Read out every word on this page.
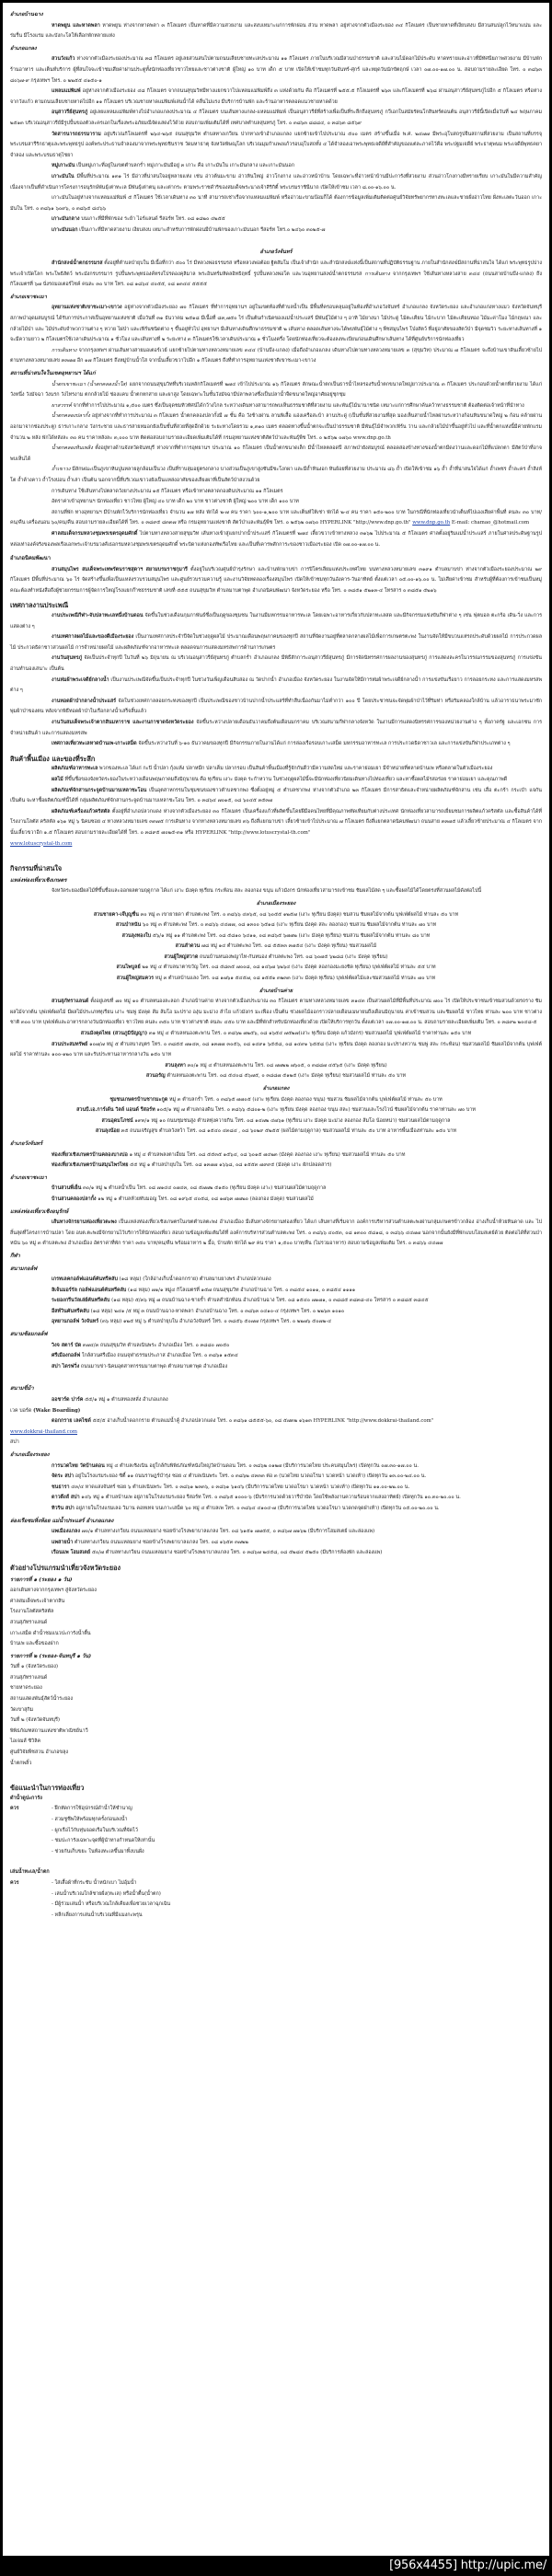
อำเภอบ้านฉาง

หาดพยูน และหาดพลา หาดพยูน ห่างจากหาดพลา ๓ กิโลเมตร เป็นหาดที่มีความสวยงาม และสงบเหมาะแก่การพักผ่อน ส่วน หาดพลา อยู่ห่างจากตัวเมืองระยอง ๓๔ กิโลเมตร เป็นชายหาดที่เงียบสงบ มีสวนสนปลูกไว้หนาแน่น และร่มรื่น มีโรงแรม และบังกะโลให้เลือกพักหลายแห่ง

อำเภอแกลง

สวนวังแก้ว ห่างจากตัวเมืองระยองประมาณ ๓๘ กิโลเมตร อยู่เลยสวนสนไปตามถนนเลียบชายทะเลประมาณ ๑๑ กิโลเมตร ภายในบริเวณมีสวนป่าธรรมชาติ และสวนไม้ดอกไม้ประดับ หาดทรายและอ่าวที่มีทัศนียภาพสวยงาม มีบ้านพัก ร้านอาหาร และเต็นท์บริการ ผู้ที่สนใจจะเข้าชมเสียค่าผ่านประตูทั้งนักท่องเที่ยวชาวไทยและชาวต่างชาติ ผู้ใหญ่ ๑๐ บาท เด็ก ๕ บาท เปิดให้เข้าชมทุกวันจันทร์-ศุกร์ และหยุดวันนักขัตฤกษ์ เวลา ๐๗.๐๐-๑๗.๐๐ น. สอบถามรายละเอียด โทร. ๐ ๓๘๖๓ ๘๐๖๗-๙ กรุงเทพฯ โทร. ๐ ๒๒๕๕ ๔๑๕๐-๑

แหลมแม่พิมพ์ อยู่ห่างจากตัวเมืองระยอง ๔๘ กิโลเมตร จากถนนสุขุมวิทมีทางแยกขวาไปแหลมแม่พิมพ์ถึง ๓ แห่งด้วยกัน คือ กิโลเมตรที่ ๒๕๕.๕ กิโลเมตรที่ ๒๖๓ และกิโลเมตรที่ ๒๖๘ ผ่านอนุสาวรีย์สุนทรภู่ไปอีก ๕ กิโลเมตร หรือห่างจากวังแก้ว ตามถนนเลียบชายหาดไปอีก ๑๑ กิโลเมตร บริเวณชายหาดแม่พิมพ์เล่นน้ำได้ คลื่นไม่แรง มีบริการบ้านพัก และร้านอาหารตลอดแนวชายหาดด้วย

อนุสาวรีย์สุนทรภู่ อยู่เลยแหลมแม่พิมพ์ทางไปอำเภอแกลงประมาณ ๔ กิโลเมตร บนเส้นทางแกลง-แหลมแม่พิมพ์ เป็นอนุสาวรีย์ที่สร้างเพื่อเป็นที่ระลึกถึงสุนทรภู่ กวีเอกในสมัยรัตนโกสินทร์ตอนต้น อนุสาวรีย์นี้เปิดเมื่อวันที่ ๒๔ พฤษภาคม ๒๕๑๓ บริเวณอนุสาวรีย์มีรูปปั้นของตัวละครเอกในเรื่องพระอภัยมณีจัดแสดงไว้ด้วย สอบถามเพิ่มเติมได้ที่ เทศบาลตำบลสุนทรภู่ โทร. ๐ ๓๘๖๓ ๘๘๘๔, ๐ ๓๘๖๓ ๘๕๖๙

วัดสารนารถธรรมาราม อยู่บริเวณกิโลเมตรที่ ๒๖๔-๒๖๕ ถนนสุขุมวิท ตำบลทางเกวียน ปากทางเข้าอำเภอแกลง แยกซ้ายเข้าไปประมาณ ๕๐๐ เมตร สร้างขึ้นเมื่อ พ.ศ. ๒๔๗๗ มีพระอุโบสถรูปจีนสถานที่สวยงาม เป็นสถานที่บรรจุพระบรมสารีริกธาตุและพระพุทธรูป องค์พระประธานจำลองมาจากพระพุทธชินราช วัดมหาธาตุ จังหวัดพิษณุโลก บริเวณมุมกำแพงแก้วรอบอุโบสถทั้ง ๔ ได้จำลองเอาพระพุทธเจดีย์ที่สำคัญของแต่ละภาคไว้คือ พระปฐมเจดีย์ พระธาตุพนม พระเจดีย์พุทธคยาจำลอง และพระบรมธาตุไชยา

หมู่เกาะมัน เป็นหมู่เกาะที่อยู่ในเขตตำบลกร่ำ หมู่เกาะมันมีอยู่ ๓ เกาะ คือ เกาะมันใน เกาะมันกลาง และเกาะมันนอก

เกาะมันใน มีพื้นที่ประมาณ ๑๓๑ ไร่ มีอ่าวที่น่าสนใจอยู่หลายแห่ง เช่น อ่าวต้นมะขาม อ่าวหินใหญ่ อ่าวโกงกาง และอ่าวหน้าบ้าน โดยเฉพาะที่อ่าวหน้าบ้านมีปะการังที่สวยงาม ส่วนอ่าวโกงกางมีทรายเรียบ เกาะมันในมีความสำคัญเนื่องจากเป็นที่ดำเนินการโครงการอนุรักษ์พันธุ์เต่าทะเล มีพันธุ์เต่าตนุ และเต่ากระ ตามพระราชดำริของสมเด็จพระนางเจ้าสิริกิติ์ พระบรมราชินีนาถ เปิดให้เข้าชม เวลา ๘.๐๐-๑๖.๐๐ น.

เกาะมันในอยู่ห่างจากแหลมแม่พิมพ์ ๕ กิโลเมตร ใช้เวลาเดินทาง ๓๐ นาที สามารถเช่าเรือจากแหลมแม่พิมพ์ หรืออ่าวมะขามป้อมก็ได้ ต้องการข้อมูลเพิ่มเติมติดต่อศูนย์วิจัยทรัพยากรทางทะเลและชายฝั่งอ่าวไทย ฝั่งทะเลตะวันออก เกาะมันใน โทร. ๐ ๓๘๖๑ ๖๐๙๖, ๐ ๓๘๖๕ ๘๔๖๖

เกาะมันกลาง บนเกาะที่มีที่พักของ ระย้า ไอร์แลนด์ รีสอร์ท โทร. ๐๘ ๑๘๒๐ ๔๒๕๕

เกาะมันนอก เป็นเกาะที่มีหาดสวยงาม เงียบสงบ เหมาะสำหรับการพักผ่อนมีบ้านพักของเกาะมันนอก รีสอร์ท โทร.๐ ๒๔๖๐ ๓๐๒๕-๗

อำเภอวังจันทร์

สำนักสงฆ์น้ำตกธรรมรส ตั้งอยู่ที่ตำบลป่ายุบใน มีเนื้อที่กว่า ๕๐๐ ไร่ มีหลวงพ่อธรรมรส หรือหลวงพ่อต้อย ฐิตสัมโม เป็นเจ้าสำนัก และสำนักสงฆ์แห่งนี้เป็นสถานที่ปฏิบัติธรรมฐาน ภายในสำนักสงฆ์มีสถานที่น่าสนใจ ได้แก่ พระพุทธรูปปางพระเจ้าเปิดโลก พระโพธิสัตว์ พระมังกรบรรมาร รูปปั้นพระพุทธองค์ทรงโปรดองคุลิมาล พระอินทร์มหิดลอิทธิฤทธิ์ รูปปั้นหลวงพ่อโต และวนอุทยานสงฆ์น้ำตกธรรมรส การเดินทาง จากกรุงเทพฯ ใช้เส้นทางหลวงสาย ๓๔๔ (ถนนสายบ้านบึง-แกลง) ถึงกิโลเมตรที่ ๖๗ นั่งรถมอเตอร์ไซค์ คนละ ๓๐ บาท โทร. ๐๘ ๑๘๖๔ ๔๐๕๕, ๐๘ ๑๓๔๔ ๕๕๕๕

อำเภอเขาชะเมา

อุทยานแห่งชาติเขาชะเมา-เขาวง อยู่ห่างจากตัวเมืองระยอง ๗๐ กิโลเมตร ที่ทำการอุทยานฯ อยู่ในเขตท้องที่ตำบลน้ำเป็น มีพื้นที่ครอบคลุมอยู่ในท้องที่อำเภอวังจันทร์ อำเภอแกลง จังหวัดระยอง และอำเภอแก่งหางแมว จังหวัดจันทบุรี สภาพป่าอุดมสมบูรณ์ ได้รับการประกาศเป็นอุทยานแห่งชาติ เมื่อวันที่ ๓๑ ธันวาคม ๒๕๑๘ มีเนื้อที่ ๘๓,๗๕๐ ไร่ เป็นต้นกำเนิดของแม่น้ำประแสร์ มีพันธุ์ไม้ต่าง ๆ อาทิ ไม้ยางนา ไม้ประดู่ ไม้ตะเคียน ไม้กะบาก ไม้ตะเคียนทอง ไม้มะค่าโมง ไม้กฤษณา และกล้วยไม้ป่า และ ไม้ประดับจำพวกว่านต่าง ๆ หวาย ไผ่ป่า และเฟิร์นชนิดต่าง ๆ ขึ้นอยู่ทั่วไป อุทยานฯ มีเส้นทางเดินศึกษาธรรมชาติ ๒ เส้นทาง ตลอดเส้นทางจะได้พบพันธุ์ไม้ต่าง ๆ พืชสมุนไพร โป่งสัตว์ ที่อยู่อาศัยของสัตว์ป่า มีจุดชมวิว ระยะทางเส้นทางที่ ๑ จะมีความยาว ๒ กิโลเมตรใช้เวลาเดินประมาณ ๑ ชั่วโมง และเส้นทางที่ ๒ ระยะทาง ๓ กิโลเมตรใช้เวลาเดินประมาณ ๑ ชั่วโมงครึ่ง โดยนักท่องเที่ยวจะต้องลงทะเบียนก่อนเดินศึกษาเส้นทาง ได้ที่ศูนย์บริการนักท่องเที่ยว

การเดินทาง จากกรุงเทพฯ ผ่านเส้นทางสายมอเตอร์เวย์ แยกซ้ายไปตามทางหลวงหมายเลข ๓๔๔ (บ้านบึง-แกลง) เมื่อถึงอำเภอแกลง เดินทางไปตามทางหลวงหมายเลข ๓ (สุขุมวิท) ประมาณ ๗ กิโลเมตร จะถึงบ้านเขาดินเลี้ยวซ้ายไปตามทางหลวงหมายเลข ๓๓๗๗ อีก ๑๗ กิโลเมตร ถึงหมู่บ้านน้ำใส จากนั้นเลี้ยวขวาไปอีก ๑ กิโลเมตร ถึงที่ทำการอุทยานแห่งชาติเขาชะเมา-เขาวง

สถานที่น่าสนใจในเขตอุทยานฯ ได้แก่

น้ำตกเขาชะเมา (น้ำตกคลองน้ำใส) แยกจากถนนสุขุมวิทที่บริเวณหลักกิโลเมตรที่ ๒๗๔ เข้าไปประมาณ ๑๖ กิโลเมตร ลักษณะน้ำตกเป็นธารน้ำไหลรองรับน้ำตกขนาดใหญ่ยาวประมาณ ๓ กิโลเมตร ประกอบด้วยน้ำตกที่สวยงาม ได้แก่ วังหนึ่ง วังมัจฉา วังนรก วังไทรงาม ตกกล้วยไม้ ช่องแคบ น้ำตกหกสาย และผาสูง โดยเฉพาะในชั้นวังมัจฉามีปลาพลวงซึ่งเป็นปลาน้ำจืดขนาดใหญ่อาศัยอยู่ชุกชุม

ผาสวรรค์ จากที่ทำการไปประมาณ ๑,๕๐๐ เมตร ซึ่งเป็นจุดชมทิวทัศน์ได้กว้างไกล ระหว่างเดินทางสามารถพบเห็นธรรมชาติที่สวยงาม และพันธุ์ไม้นานาชนิด เหมาะแก่การศึกษาค้นคว้าทางธรรมชาติ ต้องติดต่อเจ้าหน้าที่นำทาง

น้ำตกคลองปลากั้ง อยู่ห่างจากที่ทำการประมาณ ๓ กิโลเมตร น้ำตกคลองปลากั้งมี ๗ ชั้น คือ วังช้างผ่าน ลานพิเสื้อ แอ่งเครือสะบ้า ลานประดู่ (เป็นชั้นที่สวยงามที่สุด มองเห็นสายน้ำไหลผ่านระหว่างก้อนหินขนาดใหญ่ ๒ ก้อน คล้ายผ่านออกมาจากช่องประตู) ธารเกาะกลาง วังกระชาย และธารสายหมอกยังเป็นชั้นที่สวยที่สุดอีกด้วย ระยะทางโดยรวม ๑,๓๑๐ เมตร ตลอดทางขึ้นน้ำตกจะเป็นป่าธรรมชาติ มีพันธุ์ไม้จำพวกเฟิร์น ว่าน และกล้วยไม้ป่าขึ้นอยู่ทั่วไป และที่น้ำตกแห่งนี้มีค่ายพักแรม จำนวน ๒ หลัง พักได้หลังละ ๓๐ คน ราคาหลังละ ๓,๐๐๐ บาท ติดต่อสอบถามรายละเอียดเพิ่มเติมได้ที่ กรมอุทยานแห่งชาติสัตว์ป่าและพันธุ์พืช โทร. ๐ ๒๕๖๒ ๐๗๖๐ www.dnp.go.th

น้ำตกคลองหินเพลิง ตั้งอยู่ทางด้านจังหวัดจันทบุรี ห่างจากที่ทำการอุทยานฯ ประมาณ ๑๐ กิโลเมตร เป็นน้ำตกขนาดเล็ก มีน้ำไหลตลอดปี สภาพป่ายังสมบูรณ์ ตลอดสองข้างทางของน้ำตกมีดงว่านและดอกไม้ที่แปลกตา มีสัตว์ป่าที่อาจพบเห็นได้

ถ้ำเขาวง มีลักษณะเป็นภูเขาหินปูนหลายลูกล้อมเป็นวง เป็นที่ราบลุ่มอยู่ตรงกลาง บางส่วนเป็นภูเขาสูงชันมีชะโงกผา และมีถ้ำหินงอก หินย้อยที่สวยงาม ประมาณ ๘๖ ถ้ำ เปิดให้เข้าชม ๑๖ ถ้ำ ถ้ำที่น่าสนใจได้แก่ ถ้ำเพชร ถ้ำละคร ถ้ำสิงห์โต ถ้ำค้างคาว ถ้ำโรงบ่อน ถ้ำเล่า เป็นต้น นอกจากนี้ที่บริเวณเขาวงยังเป็นแหล่งอาศัยของเลียงผาที่เป็นสัตว์ป่าสงวนด้วย

การเดินทาง ใช้เส้นทางไปตลาดวังยางประมาณ ๑๕ กิโลเมตร หรือเข้าทางตลาดกองดินประมาณ ๑๑ กิโลเมตร

อัตราค่าเข้าอุทยานฯ นักท่องเที่ยว ชาวไทย ผู้ใหญ่ ๔๐ บาท เด็ก ๒๐ บาท ชาวต่างชาติ ผู้ใหญ่ ๒๐๐ บาท เด็ก ๑๐๐ บาท

สถานที่พัก ทางอุทยานฯ มีบ้านพักไว้บริการนักท่องเที่ยว จำนวน ๑๗ หลัง พักได้ ๒-๗ คน ราคา ๖๐๐-๑,๒๐๐ บาท และเต็นท์ให้เช่า พักได้ ๒-๔ คน ราคา ๑๕๐-๒๐๐ บาท ในกรณีที่นักท่องเที่ยวนำเต็นท์ไปเองเสียค่าพื้นที่ คนละ ๓๐ บาท/คน/คืน เครื่องนอน ๖๐/คน/คืน สอบถามรายละเอียดได้ที่ โทร. ๐ ๓๘๙๕ ๘๓๓๗ หรือ กรมอุทยานแห่งชาติ สัตว์ป่าและพันธุ์พืช โทร. ๐ ๒๕๖๒ ๐๗๖๐ HYPERLINK "http://www.dnp.go.th" www.dnp.go.th E-mail: chamao_@hotmail.com

ศาลสมเด็จกรมหลวงชุมพรเขตรอุดมศักดิ์ ไปตามทางหลวงสายสุขุมวิท เส้นทางเข้าสู่แยกปากน้ำประแสร์ กิโลเมตรที่ ๒๗๔ เลี้ยวขวาเข้าทางหลวง ๓๑๖๒ ไปประมาณ ๕ กิโลเมตร ศาลตั้งอยู่ริมแม่น้ำประแสร์ ภายในศาลประดิษฐานรูปหล่อเท่าองค์จริงของพลเรือเอกพระเจ้าบรมวงศ์เธอกรมหลวงชุมพรเขตรอุดมศักดิ์ พระบิดาแห่งกองทัพเรือไทย และเป็นที่เคารพสักการะของชาวเมืองระยอง เปิด ๐๗.๐๐-๑๗.๐๐ น.

อำเภอนิคมพัฒนา

สวนสมุนไพร สมเด็จพระเทพรัตนราชสุดาฯ สยามบรมราชกุมารี ตั้งอยู่ในบริเวณศูนย์บำรุงรักษา และบ้านพักมาบข่า การปิโตรเลียมแห่งประเทศไทย บนทางหลวงหมายเลข ๓๑๙๑ ตำบลมาบข่า ห่างจากตัวเมืองระยองประมาณ ๒๙ กิโลเมตร มีพื้นที่ประมาณ ๖๐ ไร่ จัดสร้างขึ้นเพื่อเป็นแหล่งรวบรวมสมุนไพร และศูนย์รวบรวมความรู้ และงานวิจัยทดลองเรื่องสมุนไพร เปิดให้เข้าชมทุกวันอังคาร-วันอาทิตย์ ตั้งแต่เวลา ๐๕.๐๐-๑๖.๐๐ น. ไม่เสียค่าเข้าชม สำหรับผู้ที่ต้องการเข้าชมเป็นหมู่คณะต้องทำหนังสือถึงผู้ช่วยกรรมการผู้จัดการใหญ่โรงแยกก๊าซธรรมชาติ เลขที่ ๕๕๕ ถนนสุขุมวิท ตำบลมาบตาพุด อำเภอนิคมพัฒนา จังหวัดระยอง หรือ โทร. ๐ ๓๘๕๑ ๕๒๑๓-๔ โทรสาร ๐ ๓๘๕๑ ๕๒๑๖

เทศกาลงานประเพณี

งานประเพณีกีฬา-จับปลาทะเลหนึ่งบ้านดอน จัดขึ้นในช่วงเดือนกุมภาพันธ์ซึ่งเป็นฤดูของชุมชน ในงานมีมหกรรมอาหารทะเล โดยเฉพาะอาหารเกี่ยวกับปลาทะเลสด และมีกิจกรรมแข่งขันกีฬาต่าง ๆ เช่น ฟุตบอล ตะกร้อ เดิน-วิ่ง และการแสดงต่าง ๆ

งานเทศกาลผลไม้และของดีเมืองระยอง เป็นงานเทศกาลประจำปีจัดในช่วงฤดูผลไม้ ประมาณเดือนพฤษภาคมของทุกปี สถานที่จัดงานอยู่ที่ตลาดกลางผลไม้เพื่อการเกษตรตะพง ในงานจัดให้มีขบวนแห่รถประดับด้วยผลไม้ การประกวดผลไม้ ประกวดธิดาชาวสวนผลไม้ การจำหน่ายผลไม้ และผลิตภัณฑ์จากอาหารทะเล ตลอดจนการแสดงมหรสพการด้านการเกษตร

งานวันสุนทรภู่ จัดเป็นประจำทุกปี ในวันที่ ๒๖ มิถุนายน ณ บริเวณอนุสาวรีย์สุนทรภู่ ตำบลกร่ำ อำเภอแกลง มีพิธีสักการะอนุสาวรีย์สุนทรภู่ มีการจัดนิทรรศการผลงานของสุนทรภู่ การแสดงละครในวรรณกรรมของสุนทรภู่ การแข่งขันอ่านทำนองเสนาะ เป็นต้น

งานห่มผ้าพระเจดีย์กลางน้ำ เป็นงานประเพณีจัดขึ้นเป็นประจำทุกปี ในช่วงวันเพ็ญเดือนสิบสอง ณ วัดปากน้ำ อำเภอเมือง จังหวัดระยอง ในงานจัดให้มีการห่มผ้าพระเจดีย์กลางน้ำ การแข่งขันเรือยาว การลอยกระทง และการแสดงมหรสพต่าง ๆ

งานทอดผ้าป่ากลางน้ำประแสร์ จัดในช่วงเทศกาลลอยกระทงของทุกปี เป็นประเพณีของชาวบ้านปากน้ำประแสร์ที่ทำสืบเนื่องกันมาไม่ต่ำกว่า ๑๐๐ ปี โดยประชาชนจะจัดพุ่มผ้าป่าไว้ที่ริมท่า หรือริมคลองใกล้บ้าน แล้วอาราธนาพระมาชักพุ่มผ้าป่าของตน หลังจากพิธีทอดผ้าป่าในเรือกลางน้ำเสร็จสิ้นแล้ว

งานวันสมเด็จพระเจ้าตากสินมหาราช และงานกาชาดจังหวัดระยอง จัดขึ้นระหว่างปลายเดือนธันวาคมถึงต้นเดือนมกราคม บริเวณสนามกีฬากลางจังหวัด ในงานมีการแสดงนิทรรศการของหน่วยงานต่าง ๆ ทั้งภาครัฐ และเอกชน การจำหน่ายสินค้า และการแสดงมหรสพ

เทศกาลเที่ยวทะเลหาดบ้านเพ-เกาะเสม็ด จัดขึ้นระหว่างวันที่ ๖-๑๐ ธันวาคมของทุกปี มีกิจกรรมภายในงานได้แก่ การล่องเรือรอบเกาะเสม็ด มหกรรมอาหารทะเล การประกวดธิดาชาวเล และการแข่งขันกีฬาประเภทต่าง ๆ

สินค้าพื้นเมือง และของที่ระลึก

ผลิตภัณฑ์อาหารทะเล พวกของทะเล ได้แก่ กะปิ น้ำปลา กุ้งแห้ง ปลาหมึก ปลาเค็ม ปลากรอบ เป็นสินค้าพื้นเมืองที่รู้จักกันดีว่ามีความสดใหม่ และราคาย่อมเยา มีจำหน่ายที่ตลาดบ้านเพ หรือตลาดในตัวเมืองระยอง

ผลไม้ ที่ขึ้นชื่อของจังหวัดระยองในระหว่างเดือนพฤษภาคมถึงมิถุนายน คือ ทุเรียน เงาะ มังคุด ระกำหวาน ในช่วงฤดูผลไม้นี้จะมีนักท่องเที่ยวนิยมเดินทางไปท่องเที่ยว และหาซื้อผลไม้รสอร่อย ราคาย่อมเยา และคุณภาพดี

ผลิตภัณฑ์จักสานกระจูดบ้านมาบเหลาชะโอน เป็นอุตสาหกรรมในชุมชนของชาวตำบลชากพง ซึ่งตั้งอยู่หมู่ ๕ ตำบลชากพง ห่างจากตัวอำเภอ ๒๓ กิโลเมตร มีการสาธิตและจำหน่ายผลิตภัณฑ์จักสาน เช่น เสื่อ ตะกร้า กระเป๋า แจกัน เป็นต้น จะหาซื้อผลิตภัณฑ์นี้ได้ที่ กลุ่มผลิตภัณฑ์จักสานกระจูดบ้านมาบเหลาชะโอน โทร. ๐ ๓๘๖๔ ๗๐๑๕, ๐๘ ๖๐๔๕ ๓๕๓๗

ผลิตภัณฑ์เครื่องแก้วคริสตัล ตั้งอยู่ที่อำเภอปลวกแดง ห่างจากตัวเมืองระยอง ๓๐ กิโลเมตร เป็นเครื่องแก้วที่ผลิตขึ้นโดยฝีมือคนไทยที่มีคุณภาพทัดเทียมกับต่างประเทศ นักท่องเที่ยวสามารถเยี่ยมชมการผลิตแก้วคริสตัล และซื้อสินค้าได้ที่โรงงานโลตัส คริสตัล ๑๖๑ หมู่ ๖ นิคมซอย ๔ ทางหลวงหมายเลข ๓๓๗๕ การเดินทาง จากทางหลวงหมายเลข ๓๖ ถึงสี่แยกมาบข่า เลี้ยวซ้ายเข้าไปประมาณ ๗ กิโลเมตร ถึงสี่แยกตลาดนิคมพัฒนา ถนนสาย ๓๓๗๕ แล้วเลี้ยวซ้ายประมาณ ๔ กิโลเมตร จากนั้นเลี้ยวขวาอีก ๑.๕ กิโลเมตร สอบถามรายละเอียดได้ที่ โทร. ๐ ๓๘๙๕ ๗๐๒๕-๓๑ หรือ HYPERLINK "http://www.lotuscrystal-th.com"

www.lotuscrystal-th.com

กิจกรรมที่น่าสนใจ
แหล่งท่องเที่ยวเชิงเกษตร

จังหวัดระยองมีผลไม้ที่ขึ้นชื่อและออกผลตามฤดูกาล ได้แก่ เงาะ มังคุด ทุเรียน กระท้อน สละ ลองกอง ขนุน แก้วมังกร นักท่องเที่ยวสามารถเข้าชม ชิมผลไม้สด ๆ และซื้อผลไม้ได้โดยตรงที่สวนผลไม้ดังต่อไปนี้

อำเภอเมืองระยอง

สวนชายคา-เจ๊บุญชื่น ๓๐ หมู่ ๓ เขายายดา ตำบลตะพง โทร. ๐ ๓๘๖๖ ๔๓๖๕, ๐๘ ๖๐๕๕ ๑๒๕๗ (เงาะ ทุเรียน มังคุด) ชมสวน ชิมผลไม้จากต้น บุฟเฟ่ต์ผลไม้ ท่านละ ๕๐ บาท

สวนป่าหนัน ๖๐ หมู่ ๓ ตำบลตะพง โทร. ๐ ๓๘๖๖ ๔๔๗๗, ๐๘ ๑๓๐๐ ๖๕๑๘ (เงาะ ทุเรียน มังคุด สละ ลองกอง) ชมสวน ชิมผลไม้จากต้น ท่านละ ๗๐ บาท

สวนลุงทองใบ ๕๖/๑ หมู่ ๑๑ ตำบลตะพง โทร. ๐๘ ๕๘๑๐ ๖๔๑๑, ๐๘ ๓๘๖๕ ๖๗๗๒ (เงาะ มังคุด ทุเรียน) ชมสวน ชิมผลไม้จากต้น ท่านละ ๘๐ บาท

สวนลำดวน ๗๘ หมู่ ๑๔ ตำบลตะพง โทร. ๐๘ ๕๕๓๓ ๓๗๕๔ (เงาะ มังคุด ทุเรียน) ชมสวนผลไม้

สวนผู้ใหญ่สวาด ถนนบ้านหนองพญาไท-กันหนอง ตำบลตะพง โทร. ๐๘ ๖๐๗๕ ๖๒๘๘ (เงาะ มังคุด ทุเรียน)

สวนไพบูลย์ ๒๑ หมู่ ๔ ตำบลนาตาขวัญ โทร. ๐๘ ๕๘๓๕ ๗๐๐๘, ๐๘ ๑๔๖๗ ๖๒๖๔ (เงาะ มังคุด ลองกองมะยงชิด ทุเรียน) บุฟเฟ่ต์ผลไม้ ท่านละ ๕๕ บาท

สวนผู้ใหญ่สมควร หมู่ ๓ ตำบลบ้านแลง โทร. ๐๘ ๑๗๖๑ ๕๔๕๗, ๐๘ ๑๕๕๑ ๓๒๓๓ (เงาะ มังคุด ทุเรียน) บุฟเฟ่ต์ผลไม้และชมสวนผลไม้ ท่านละ ๗๐ บาท

อำเภอบ้านค่าย

สวนสุภัทราแลนด์ ตั้งอยู่เลขที่ ๗๐ หมู่ ๑๐ ตำบลหนองละลอก อำเภอบ้านค่าย ห่างจากตัวเมืองประมาณ ๓๐ กิโลเมตร ตามทางหลวงหมายเลข ๓๑๔๓ เป็นสวนผลไม้ที่มีพื้นที่ประมาณ ๗๐๐ ไร่ เปิดให้ประชาชนเข้าชมสวนด้วยรถราง ชิมผลไม้จากต้น บุฟเฟ่ต์ผลไม้ มีผลไม้ประเภททุเรียน เงาะ ชมพู่ มังคุด ส้ม ส้มโอ มะปราง องุ่น มะม่วง ลำไย แก้วมังกร มะเฟือง เป็นต้น ช่วงผลไม้ออกราวปลายเดือนเมษายนถึงเดือนมิถุนายน ค่าเข้าชมสวน และชิมผลไม้ ชาวไทย ท่านละ ๒๐๐ บาท ชาวต่างชาติ ๓๐๐ บาท บุฟเฟ่ต์และอาหารกลางวันนักท่องเที่ยว ชาวไทย คนละ ๓๕๐ บาท ชาวต่างชาติ คนละ ๔๕๐ บาท และมีที่พักสำหรับนักท่องเที่ยวด้วย เปิดให้บริการทุกวัน ตั้งแต่เวลา ๐๗.๐๐-๑๗.๐๐ น. สอบถามรายละเอียดเพิ่มเติม โทร. ๐ ๓๘๙๒ ๒๐๔๘-๕

สวนมังคุดไทย (สวนภูมิปัญญา) ๓๑ หมู่ ๔ ตำบลหนองตะพาน โทร. ๐ ๓๘๖๒ ๗๒๕๖, ๐๘ ๑๖๕๔ ๗๕๒๗(เงาะ ทุเรียน มังคุด แก้วมังกร) ชมสวนผลไม้ บุฟเฟ่ต์ผลไม้ ราคาท่านละ ๑๕๐ บาท

สวนประสมทรัพย์ ๑๐๗/๗ หมู่ ๕ ตำบลบางบุตร โทร. ๐ ๓๘๕๕ ๗๑๔๓, ๐๘ ๑๓๗๗ ๓๐๕๖, ๐๘ ๑๔๙๑ ๖๕๕๘, ๐๘ ๑๔๙๑ ๖๕๕๘ (เงาะ ทุเรียน มังคุด ลองกอง มะปรางหวาน ชมพู่ สละ กระท้อน) ชมสวนผลไม้ ชิมผลไม้จากต้น บุฟเฟ่ต์ผลไม้ ราคาท่านละ ๑๐๐-๑๒๐ บาท และรับประทานอาหารกลางวัน ๑๕๐ บาท

สวนลุงทา ๓๐/๑ หมู่ ๔ ตำบลหนองตะพาน โทร. ๐๘ ๗๗๒๒ ๗๖๐๕, ๐ ๓๘๘๗ ๔๕๖๕ (เงาะ มังคุด ทุเรียน)

สวนอรัญ ตำบลหนองตะพาน โทร. ๐๘ ๕๔๐๘ ๕๖๗๕, ๐ ๓๘๘๗ ๕๑๒๕ (เงาะ มังคุด ทุเรียน) ชมสวนผลไม้ ท่านละ ๕๐ บาท

อำเภอแกลง

ชุมชนเกษตรบ้านชากมะกูด หมู่ ๓ ตำบลกร่ำ โทร. ๐ ๓๘๖๕ ๗๗๐๕ (เงาะ ทุเรียน มังคุด ลองกอง ขนุน) ชมสวน ชิมผลไม้จากต้น บุฟเฟ่ต์ผลไม้ ท่านละ ๕๐ บาท

สวนบี.เอ.การ์เด้น วิลล์ แอนด์ รีสอร์ท ๑๐๕/๑ หมู่ ๗ ตำบลกองดิน โทร. ๐ ๓๘๖๖ ๕๘๐๑-๒ (เงาะ ทุเรียน มังคุด ลองกอง ขนุน สละ) ชมสวนและโรงไวน์ ชิมผลไม้จากต้น ราคาท่านละ ๗๐ บาท

สวนอุดมโภชน์ ๑๙๓/๑ หมู่ ๑๐ ถนนชุมชนสูง ตำบลทุ่งควายกิน โทร. ๐๘ ๑๔๗๒ ๔๗๖๑ (ทุเรียน เงาะ มังคุด มะม่วง ลองกอง ส้มโอ น้อยหน่า) ชมสวนผลไม้ตามฤดูกาล

สวนลุงน้อย ๓๕ ถนนเจริญสุข ตำบลวังหว้า โทร. ๐๘ ๑๕๔๐ ๔๓๘๔ , ๐๘ ๖๐๒๙ ๕๒๕๕ (ผลไม้ตามฤดูกาล) ชมสวนผลไม้ ท่านละ ๕๐ บาท อาหารพื้นเมืองท่านละ ๑๕๐ บาท

อำเภอวังจันทร์

ท่องเที่ยวเชิงเกษตรบ้านคลองบางบ่อ ๑ หมู่ ๔ ตำบลพลงตาเอี่ยม โทร. ๐๘ ๕๕๓๕ ๑๕๖๔, ๐๘ ๖๐๑๕ ๗๔๒๓ (มังคุด ลองกอง เงาะ ทุเรียน) ชมสวนผลไม้ ท่านละ ๕๐ บาท

ท่องเที่ยวเชิงเกษตรบ้านสมุนไพรไทย ๕๕ หมู่ ๑ ตำบลป่ายุบใน โทร. ๐๘ ๑๓๗๗ ๑๖๖๘, ๐๘ ๑๕๕๓ ๗๙๙๕ (มังคุด เงาะ ผักปลอดสาร)

อำเภอเขาชะเมา

บ้านสวนพี่เย็น ๓๐/๑ หมู่ ๒ ตำบลน้ำเป็น โทร. ๐๘ ๗๑๔๔ ๐๗๔๓, ๐๘ ๕๗๗๒ ๕๑๕๐ (ทุเรียน มังคุด เงาะ) ชมสวนผลไม้ตามฤดูกาล

บ้านสวนคลองปลากั้ง ๑๒ หมู่ ๑ ตำบลห้วยทับมอญ โทร. ๐๘ ๑๙๖๕ ๔๐๕๘, ๐๘ ๑๗๖๓ ๗๗๒๐ (ลองกอง มังคุด) ชมสวนผลไม้

แหล่งท่องเที่ยวเชิงอนุรักษ์

เส้นทางจักรยานท่องเที่ยวตะพง เป็นแหล่งท่องเที่ยวเชิงเกษตรในเขตตำบลตะพง อำเภอเมือง มีเส้นทางจักรยานท่องเที่ยว ได้แก่ เส้นทางที่เริ่มจาก องค์การบริหารส่วนตำบลตะพงผ่านกลุ่มเกษตรข้าวกล้อง อ่างเก็บน้ำห้วยหินดาด และ ไปสิ้นสุดที่โครงการบ้านปลา โดย อบต.ตะพงมีจักรยานไว้บริการให้นักท่องเที่ยว สอบถามข้อมูลเพิ่มเติมได้ที่ องค์การบริหารส่วนตำบลตะพง โทร. ๐ ๓๘๖๖ ๔๐๕๓, ๐๘ ๑๓๐๐ ๕๘๑๘, ๐ ๓๘๖๖ ๔๔๗๗ นอกจากนั้นยังมีที่พักแบบโฮมสเตย์ด้วย ติดต่อได้ที่สวนป่าหนัน ๖๐ หมู่ ๓ ตำบลตะพง อำเภอเมือง อัตราค่าที่พัก ราคา ๓๕๐ บาท/คน/คืน พร้อมอาหาร ๒ มื้อ, บ้านพัก พักได้ ๒๙ คน ราคา ๑,๕๐๐ บาท/คืน (ไม่รวมอาหาร) สอบถามข้อมูลเพิ่มเติม โทร. ๐ ๓๘๖๖ ๔๔๗๗

กีฬา
สนามกอล์ฟ

เกรทเลคกอล์ฟแอนด์คันทรีคลับ (๑๘ หลุม) (ใกล้อ่างเก็บน้ำดอกกราย) ตำบลมาบยางพร อำเภอปลวกแดง

ลิเจ้นมอร์รัล กอล์ฟแอนด์คันทรีคลับ (๑๘ หลุม) ๗๑/๑ หมู่๔ กิโลเมตรที่ ๑๕๗ ถนนสุขุมวิท อำเภอบ้านฉาง โทร. ๐ ๓๘๕๔ ๑๐๑๑, ๐ ๓๘๕๔ ๑๑๑๑

ระยองกรีนวัลเล่ย์คันทรีคลับ (๑๘ หลุม) ๕/๓๖ หมู่ ๗ ถนนบ้านฉาง-ชายร้ำ ตำบลสำนักท้อน อำเภอบ้านฉาง โทร. ๐๘ ๑๕๔๐ ๗๑๗๑, ๐ ๓๘๘๕ ๓๘๓๘-๔๐ โทรสาร ๐ ๓๘๘๕ ๓๘๔๕

อีสท์วินคันทรีคลับ (๑๘ หลุม) ๒๔๑ /๕ หมู่ ๓ ถนนบ้านฉาง-หาดพลา อำเภอบ้านฉาง โทร. ๐ ๓๘๖๓ ๐๔๑๐-๔ กรุงเทพฯ โทร. ๐ ๒๒๖๓ ๑๐๑๐

อุทยานกอล์ฟ วังจันทร์ (๓๖ หลุม) ๑๒๕ หมู่ ๖ ตำบลป่ายุบใน อำเภอวังจันทร์ โทร. ๐ ๓๘๕๖ ๕๐๗๗ กรุงเทพฯ โทร. ๐ ๒๒๗๖ ๕๐๗๒-๔

สนามซ้อมกอล์ฟ

วิงจ สตาร์ บัด ๓๗๔/๓ ถนนสุขุมวิท ตำบลเนินพระ อำเภอเมือง โทร. ๐ ๓๘๘๐ ๗๐๕๐

ศรีเมืองกอล์ฟ ใกล้สวนศรีเมือง ถนนจุฬาธรรมประภาส อำเภอเมือง โทร. ๐ ๓๘๖๑ ๑๕๓๔

สปา ไดรฟวิ่ง ถนนมาบข่า-นิคมอุตสาหกรรมมาบตาพุด ตำบลมาบตาพุด อำเภอเมือง

สนามขี่ม้า

ออชาร์ด ปาร์ค ๕๕/๑ หมู่ ๑ ตำบลทองหลั่ง อำเภอแกลง

เวค บอร์ด (Wake Boarding)

ดอกกราย เลคไซด์ ๕๕/๕ อ่างเก็บน้ำดอกกราย ตำบลแม่น้ำคู้ อำเภอปลวกแดง โทร. ๐ ๓๘๖๑ ๘๕๕๕-๖๐, ๐๘ ๕๗๓๒ ๑๖๑๓ HYPERLINK "http://www.dokkrai-thailand.com"

www.dokkrai-thailand.com

สปา
อำเภอเมืองระยอง

การนวดไทย วัดบ้านดอน หมู่ ๔ ตำบลเชิงเนิน อยู่ใกล้กับพิพิธภัณฑ์หนังใหญ่วัดบ้านดอน โทร. ๐ ๓๘๖๒ ๐๑๒๗ (มีบริการนวดไทย ประคบสมุนไพร) เปิดทุกวัน ๐๗.๓๐-๑๗.๐๐ น.

จัดระ สปา อยู่ในโรงแรมระยอง ซิตี้ ๑๑ ถนนราษฎร์บำรุง ซอย ๔ ตำบลเนินพระ โทร. ๐ ๓๘๖๒ ๔๓๓๓ ต่อ ๓ (นวดไทย นวดอโรมา นวดหน้า นวดเท้า) เปิดทุกวัน ๑๓.๐๐-๒๔.๐๐ น.

ชนธารา ๔๓/๔ หาดแสงจันทร์ ซอย ๖ ตำบลเนินพระ โทร. ๐ ๓๘๖๑ ๒๓๓๖, ๐ ๓๘๖๑ ๖๑๔๖ (มีบริการนวดไทย นวดอโรมา นวดหน้า นวดเท้า) เปิดทุกวัน ๑๑.๐๐-๒๒.๐๐ น.

ดาวดึงส์ สปา ๑๔๖ หมู่ ๑ ตำบลบ้านเพ อยู่ภายในโรงแรมระยอง รีสอร์ท โทร. ๐ ๓๘๖๕ ๑๐๐๐-๖ (มีบริการนวดด้วยวารีบำบัด โดยใช้พลังงานความร้อนจากแสงอาทิตย์) เปิดทุกวัน ๑๐.๓๐-๒๐.๐๐ น.

ทิวริน สปา อยู่ภายในโรงแรมเลอ วิมาน คอทเทจ บนเกาะเสม็ด ๖๐ หมู่ ๔ ตำบลเพ โทร. ๐ ๓๘๖๔ ๔๑๐๔-๗ (มีบริการนวดไทย นวดอโรมา นวดกดจุดฝ่าเท้า) เปิดทุกวัน ๐๕.๐๐-๒๐.๐๐ น.

ล่องเรือชมหิ่งห้อย แม่น้ำประแสร์ อำเภอแกลง

แพเมืองแกลง ๗๐/๑ ตำบลทางเกวียน ถนนแหลมยาง ซอยข้างโรงพยาบาลแกลง โทร. ๐๘ ๖๑๕๑ ๗๗๕๕, ๐ ๓๘๖๗ ๗๑๖๒ (มีบริการโฮมสเตย์ และล่องแพ)

แพสายน้ำ ตำบลทางเกวียน ถนนแหลมยาง ซอยข้างโรงพยาบาลแกลง โทร. ๐๘ ๑๖๕๓ ๓๗๒๒

เรือนแพ โฮมสเตย์ ๕๐/๗ ตำบลทางเกวียน ถนนแหลมยาง ซอยข้างโรงพยาบาลแกลง โทร. ๐ ๓๘๖๗ ๒๔๕๘, ๐๘ ๕๒๘๔ ๕๒๕๐ (มีบริการห้องพัก และล่องแพ)

ตัวอย่างโปรแกรมนำเที่ยวจังหวัดระยอง
รายการที่ ๑ (ระยอง ๑ วัน)
ออกเดินทางจากกรุงเทพฯ สู่จังหวัดระยอง
ศาลสมเด็จพระเจ้าตากสิน
โรงงานโลตัสคริสตัล
สวนสุภัทราแลนด์
เกาะเสม็ด ดำน้ำชมแนวปะการังน้ำตื้น
บ้านเพ และซื้อของฝาก
รายการที่ ๒ (ระยอง-จันทบุรี ๑ วัน)
วันที่ ๑ (จังหวัดระยอง)
สวนสุภัทราแลนด์
ชายหาดระยอง
สถานแสดงพันธุ์สัตว์น้ำระยอง
วัดเขาสุกิม
วันที่ ๒ (จังหวัดจันทบุรี)
พิพิธภัณฑสถานแห่งชาติพาณิชย์นาวี
ไอเจมส์ ซิวิลิค
ศูนย์วิจัยพืชสวน อำเภอขลุง
น้ำตกพลิ้ว
ข้อแนะนำในการท่องเที่ยว
ดำน้ำดูปะการัง
ควร	- ฝึกหัดการใช้อุปกรณ์ดำน้ำให้ชำนาญ
- สวมชูชีพให้พร้อมทุกครั้งก่อนลงน้ำ
- ผูกเรือไว้กับทุ่นจอดเรือในบริเวณที่จัดไว้
- ชมปะการังเฉพาะจุดที่ผู้นำทางกำหนดให้เท่านั้น
- ช่วยกันเก็บขยะ ในท้องทะเลขึ้นมาทิ้งบนฝั่ง
เล่นน้ำทะเล/น้ำตก
ควร	- ใส่เสื้อผ้าที่กระชับ น้ำหนักเบา ไม่อุ้มน้ำ
- เล่นน้ำบริเวณใกล้ชายฝั่ง(ทะเล) หรือน้ำตื้น(น้ำตก)
- มีผู้ร่วมเล่นน้ำ หรือบริเวณใกล้เคียงเพื่อช่วยเวลาฉุกเฉิน
- หลีกเลี่ยงการเล่นน้ำบริเวณที่มีแมงกะพรุน
[956x4455] http://upic.me/
